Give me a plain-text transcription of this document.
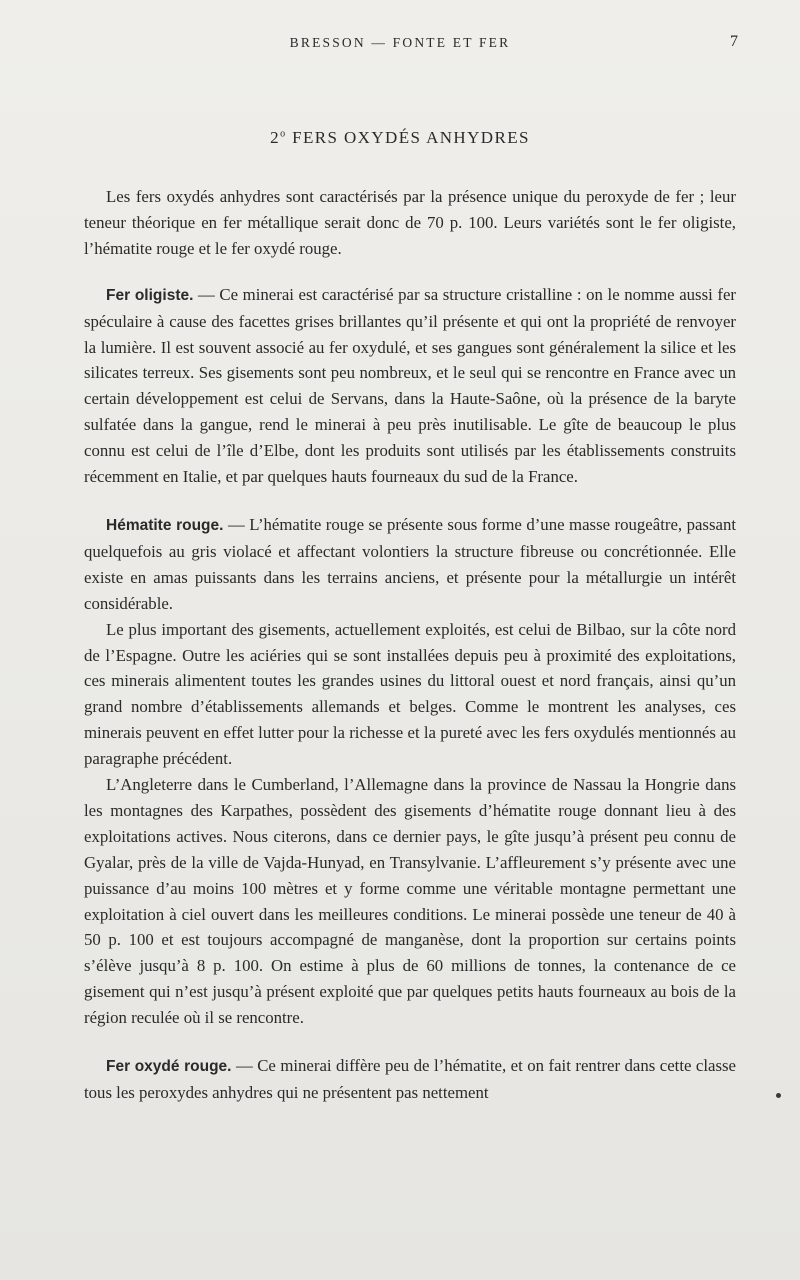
BRESSON — FONTE ET FER	7
2$^o$ FERS OXYDÉS ANHYDRES

Les fers oxydés anhydres sont caractérisés par la présence unique du peroxyde de fer ; leur teneur théorique en fer métallique serait donc de 70 p. 100. Leurs variétés sont le fer oligiste, l’hématite rouge et le fer oxydé rouge.

Fer oligiste. — Ce minerai est caractérisé par sa structure cristalline : on le nomme aussi fer spéculaire à cause des facettes grises brillantes qu’il présente et qui ont la propriété de renvoyer la lumière. Il est souvent associé au fer oxydulé, et ses gangues sont généralement la silice et les silicates terreux. Ses gisements sont peu nombreux, et le seul qui se rencontre en France avec un certain développement est celui de Servans, dans la Haute-Saône, où la présence de la baryte sulfatée dans la gangue, rend le minerai à peu près inutilisable. Le gîte de beaucoup le plus connu est celui de l’île d’Elbe, dont les produits sont utilisés par les établissements construits récemment en Italie, et par quelques hauts fourneaux du sud de la France.

Hématite rouge. — L’hématite rouge se présente sous forme d’une masse rougeâtre, passant quelquefois au gris violacé et affectant volontiers la structure fibreuse ou concrétionnée. Elle existe en amas puissants dans les terrains anciens, et présente pour la métallurgie un intérêt considérable.

Le plus important des gisements, actuellement exploités, est celui de Bilbao, sur la côte nord de l’Espagne. Outre les aciéries qui se sont installées depuis peu à proximité des exploitations, ces minerais alimentent toutes les grandes usines du littoral ouest et nord français, ainsi qu’un grand nombre d’établissements allemands et belges. Comme le montrent les analyses, ces minerais peuvent en effet lutter pour la richesse et la pureté avec les fers oxydulés mentionnés au paragraphe précédent.

L’Angleterre dans le Cumberland, l’Allemagne dans la province de Nassau la Hongrie dans les montagnes des Karpathes, possèdent des gisements d’hématite rouge donnant lieu à des exploitations actives. Nous citerons, dans ce dernier pays, le gîte jusqu’à présent peu connu de Gyalar, près de la ville de Vajda-Hunyad, en Transylvanie. L’affleurement s’y présente avec une puissance d’au moins 100 mètres et y forme comme une véritable montagne permettant une exploitation à ciel ouvert dans les meilleures conditions. Le minerai possède une teneur de 40 à 50 p. 100 et est toujours accompagné de manganèse, dont la proportion sur certains points s’élève jusqu’à 8 p. 100. On estime à plus de 60 millions de tonnes, la contenance de ce gisement qui n’est jusqu’à présent exploité que par quelques petits hauts fourneaux au bois de la région reculée où il se rencontre.

Fer oxydé rouge. — Ce minerai diffère peu de l’hématite, et on fait rentrer dans cette classe tous les peroxydes anhydres qui ne présentent pas nettement
